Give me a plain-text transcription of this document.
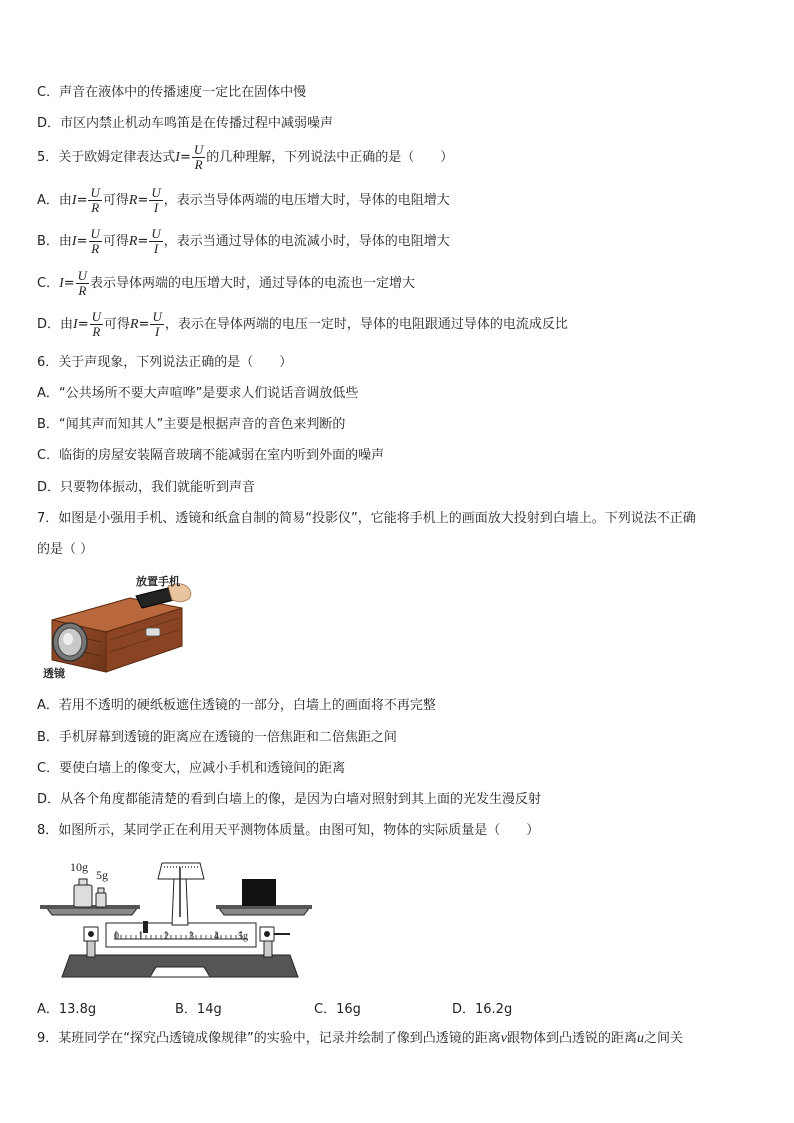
C．声音在液体中的传播速度一定比在固体中慢
D．市区内禁止机动车鸣笛是在传播过程中减弱噪声
5．关于欧姆定律表达式$I= \frac{U}{R}$ 的几种理解，下列说法中正确的是（　　）
A．由$I= \frac{U}{R}$ 可得$R= \frac{U}{I}$ ，表示当导体两端的电压增大时，导体的电阻增大
B．由$I= \frac{U}{R}$ 可得$R= \frac{U}{I}$ ，表示当通过导体的电流减小时，导体的电阻增大
C．$I= \frac{U}{R}$ 表示导体两端的电压增大时，通过导体的电流也一定增大
D．由$I= \frac{U}{R}$ 可得$R= \frac{U}{I}$ ，表示在导体两端的电压一定时，导体的电阻跟通过导体的电流成反比
6．关于声现象，下列说法正确的是（　　）
A．“公共场所不要大声喧哗”是要求人们说话音调放低些
B．“闻其声而知其人”主要是根据声音的音色来判断的
C．临街的房屋安装隔音玻璃不能减弱在室内听到外面的噪声
D．只要物体振动，我们就能听到声音
7．如图是小强用手机、透镜和纸盒自制的简易“投影仪”，它能将手机上的画面放大投射到白墙上。下列说法不正确
的是（ ）
放置手机
透镜
A．若用不透明的硬纸板遮住透镜的一部分，白墙上的画面将不再完整
B．手机屏幕到透镜的距离应在透镜的一倍焦距和二倍焦距之间
C．要使白墙上的像变大，应减小手机和透镜间的距离
D．从各个角度都能清楚的看到白墙上的像，是因为白墙对照射到其上面的光发生漫反射
8．如图所示，某同学正在利用天平测物体质量。由图可知，物体的实际质量是（　　）
10g
5g
0 1 2 3 4 5g
A．13.8g	B．14g	C．16g	D．16.2g
9．某班同学在“探究凸透镜成像规律”的实验中，记录并绘制了像到凸透镜的距离v跟物体到凸透锐的距离u之间关
